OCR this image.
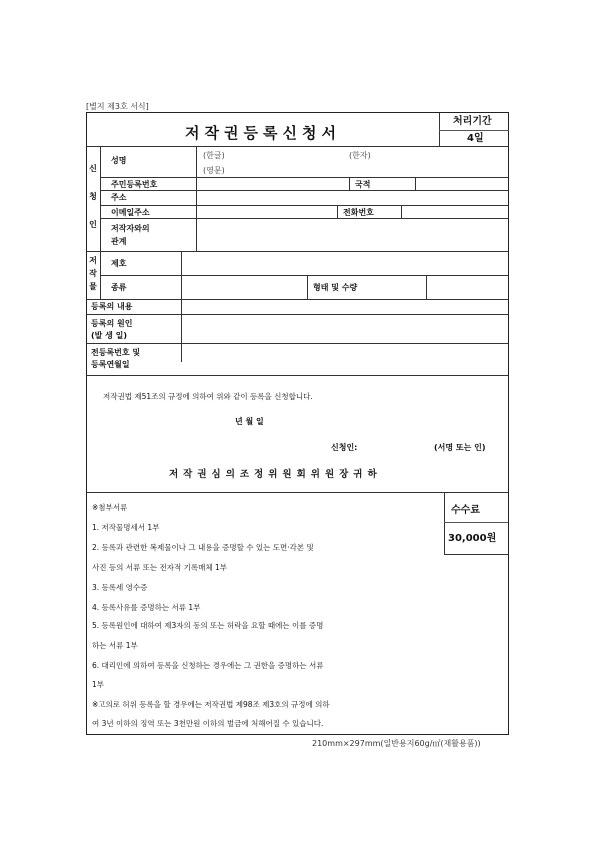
[별지 제3호 서식]
저작권등록신청서
처리기간
4일
신
청
인
성명
(한글)	(한자)
(영문)
주민등록번호	국적
주소
이메일주소	전화번호
저작자와의
관계
저
작
물
제호
종류	형태 및 수량
등록의 내용
등록의 원인
(발 생 일)
전등록번호 및
등록연월일
저작권법 제51조의 규정에 의하여 위와 같이 등록을 신청합니다.
년 월 일
신청인:	(서명 또는 인)
저작권심의조정위원회위원장귀하
수수료
30,000원
※첨부서류
1. 저작물명세서 1부
2. 등록과 관련한 복제물이나 그 내용을 증명할 수 있는 도면·각본 및
사진 등의 서류 또는 전자적 기록매체 1부
3. 등록세 영수증
4. 등록사유를 증명하는 서류 1부
5. 등록원인에 대하여 제3자의 동의 또는 허락을 요할 때에는 이를 증명
하는 서류 1부
6. 대리인에 의하여 등록을 신청하는 경우에는 그 권한을 증명하는 서류
1부
※고의로 허위 등록을 할 경우에는 저작권법 제98조 제3호의 규정에 의하
여 3년 이하의 징역 또는 3천만원 이하의 벌금에 처해어질 수 있습니다.
210mm×297mm(일반용지60g/㎡(재활용품))
